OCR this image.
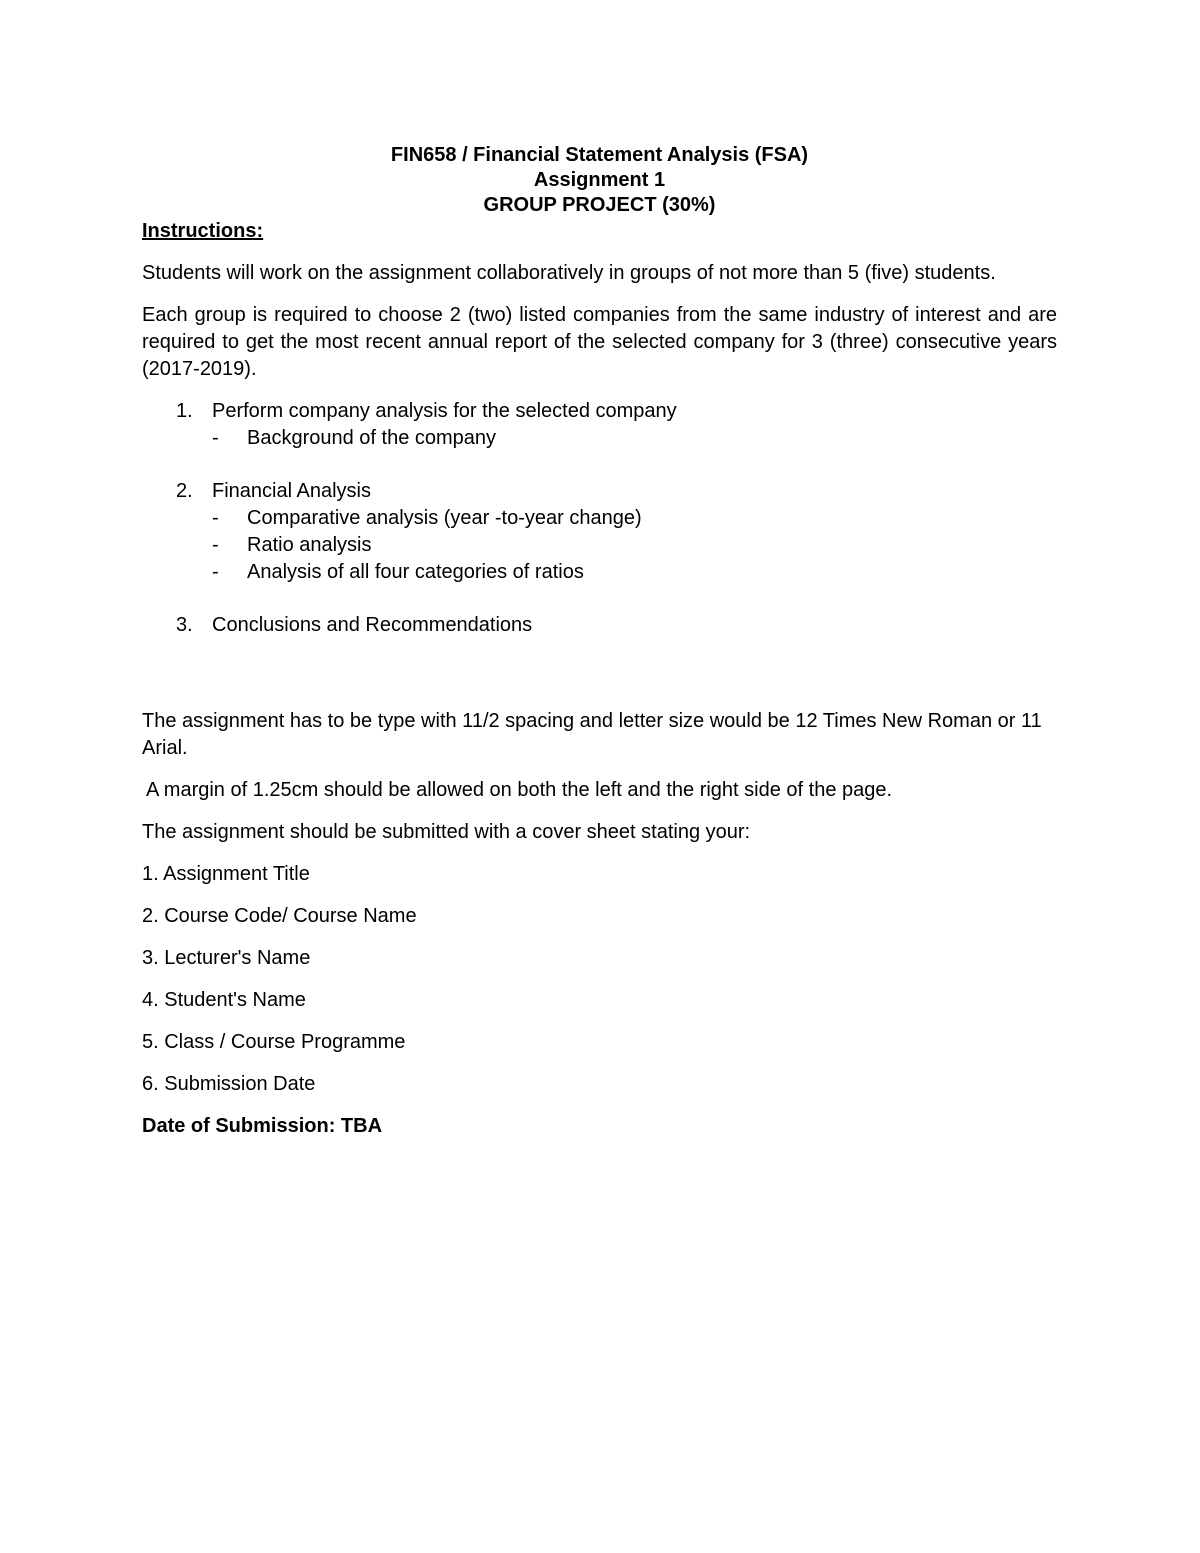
FIN658 / Financial Statement Analysis (FSA)
Assignment 1
GROUP PROJECT (30%)
Instructions:

Students will work on the assignment collaboratively in groups of not more than 5 (five) students.

Each group is required to choose 2 (two) listed companies from the same industry of interest and are required to get the most recent annual report of the selected company for 3 (three) consecutive years (2017-2019).

1. Perform company analysis for the selected company
- Background of the company
2. Financial Analysis
- Comparative analysis (year -to-year change)
- Ratio analysis
- Analysis of all four categories of ratios
3. Conclusions and Recommendations

The assignment has to be type with 11/2 spacing and letter size would be 12 Times New Roman or 11 Arial.

A margin of 1.25cm should be allowed on both the left and the right side of the page.

The assignment should be submitted with a cover sheet stating your:

1. Assignment Title
2. Course Code/ Course Name
3. Lecturer's Name
4. Student's Name
5. Class / Course Programme
6. Submission Date
Date of Submission: TBA
